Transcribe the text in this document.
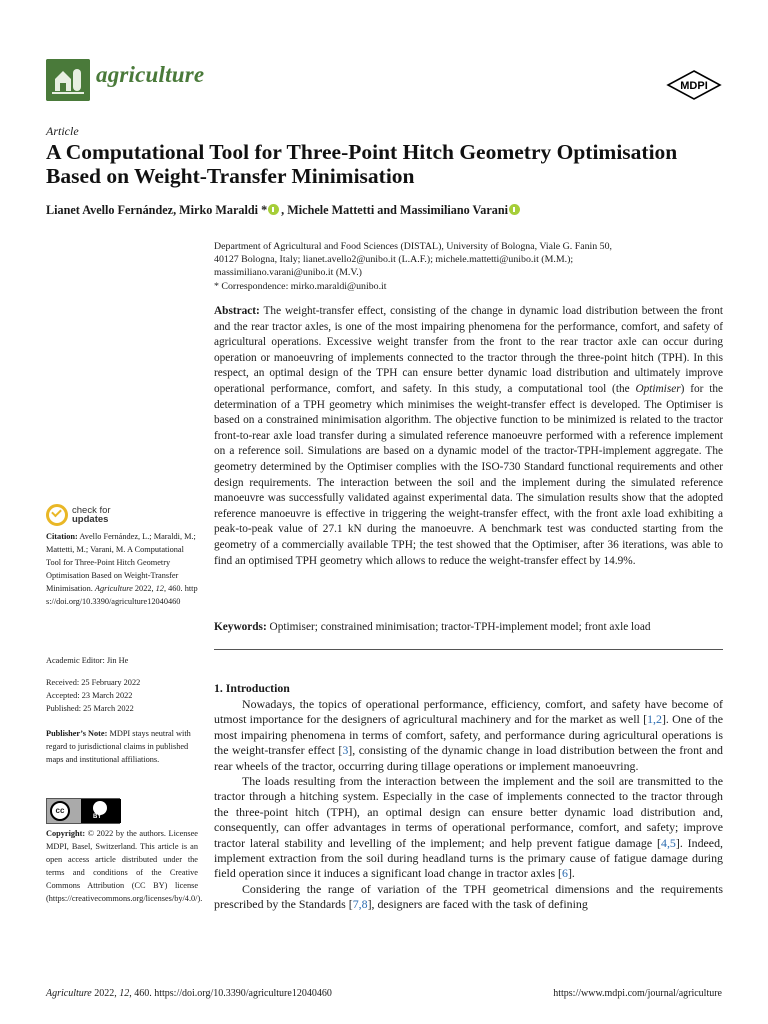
agriculture	MDPI
Article
A Computational Tool for Three-Point Hitch Geometry Optimisation Based on Weight-Transfer Minimisation
Lianet Avello Fernández, Mirko Maraldi * , Michele Mattetti and Massimiliano Varani
Department of Agricultural and Food Sciences (DISTAL), University of Bologna, Viale G. Fanin 50,
40127 Bologna, Italy; lianet.avello2@unibo.it (L.A.F.); michele.mattetti@unibo.it (M.M.);
massimiliano.varani@unibo.it (M.V.)
* Correspondence: mirko.maraldi@unibo.it
Abstract: The weight-transfer effect, consisting of the change in dynamic load distribution between the front and the rear tractor axles, is one of the most impairing phenomena for the performance, comfort, and safety of agricultural operations. Excessive weight transfer from the front to the rear tractor axle can occur during operation or manoeuvring of implements connected to the tractor through the three-point hitch (TPH). In this respect, an optimal design of the TPH can ensure better dynamic load distribution and ultimately improve operational performance, comfort, and safety. In this study, a computational tool (the Optimiser) for the determination of a TPH geometry which minimises the weight-transfer effect is developed. The Optimiser is based on a constrained minimisation algorithm. The objective function to be minimized is related to the tractor front-to-rear axle load transfer during a simulated reference manoeuvre performed with a reference implement on a reference soil. Simulations are based on a dynamic model of the tractor-TPH-implement aggregate. The geometry determined by the Optimiser complies with the ISO-730 Standard functional requirements and other design requirements. The interaction between the soil and the implement during the simulated reference manoeuvre was successfully validated against experimental data. The simulation results show that the adopted reference manoeuvre is effective in triggering the weight-transfer effect, with the front axle load exhibiting a peak-to-peak value of 27.1 kN during the manoeuvre. A benchmark test was conducted starting from the geometry of a commercially available TPH; the test showed that the Optimiser, after 36 iterations, was able to find an optimised TPH geometry which allows to reduce the weight-transfer effect by 14.9%.
Keywords: Optimiser; constrained minimisation; tractor-TPH-implement model; front axle load
1. Introduction

Nowadays, the topics of operational performance, efficiency, comfort, and safety have become of utmost importance for the designers of agricultural machinery and for the market as well [1,2]. One of the most impairing phenomena in terms of comfort, safety, and performance during agricultural operations is the weight-transfer effect [3], consisting of the dynamic change in load distribution between the front and rear wheels of the tractor, occurring during tillage operations or implement manoeuvring.

The loads resulting from the interaction between the implement and the soil are transmitted to the tractor through a hitching system. Especially in the case of implements connected to the tractor through the three-point hitch (TPH), an optimal design can ensure better dynamic load distribution and, consequently, can offer advantages in terms of operational performance, comfort, and safety; improve tractor lateral stability and levelling of the implement; and help prevent fatigue damage [4,5]. Indeed, implement extraction from the soil during headland turns is the primary cause of fatigue damage during field operation since it induces a significant load change in tractor axles [6].

Considering the range of variation of the TPH geometrical dimensions and the requirements prescribed by the Standards [7,8], designers are faced with the task of defining

check for
updates
Citation: Avello Fernández, L.; Maraldi, M.; Mattetti, M.; Varani, M. A Computational Tool for Three-Point Hitch Geometry Optimisation Based on Weight-Transfer Minimisation. Agriculture 2022, 12, 460. https://doi.org/10.3390/agriculture12040460
Academic Editor: Jin He
Received: 25 February 2022
Accepted: 23 March 2022
Published: 25 March 2022
Publisher’s Note: MDPI stays neutral with regard to jurisdictional claims in published maps and institutional affiliations.
cc
BY
Copyright: © 2022 by the authors. Licensee MDPI, Basel, Switzerland. This article is an open access article distributed under the terms and conditions of the Creative Commons Attribution (CC BY) license (https://creativecommons.org/licenses/by/4.0/).
Agriculture 2022, 12, 460. https://doi.org/10.3390/agriculture12040460	https://www.mdpi.com/journal/agriculture
